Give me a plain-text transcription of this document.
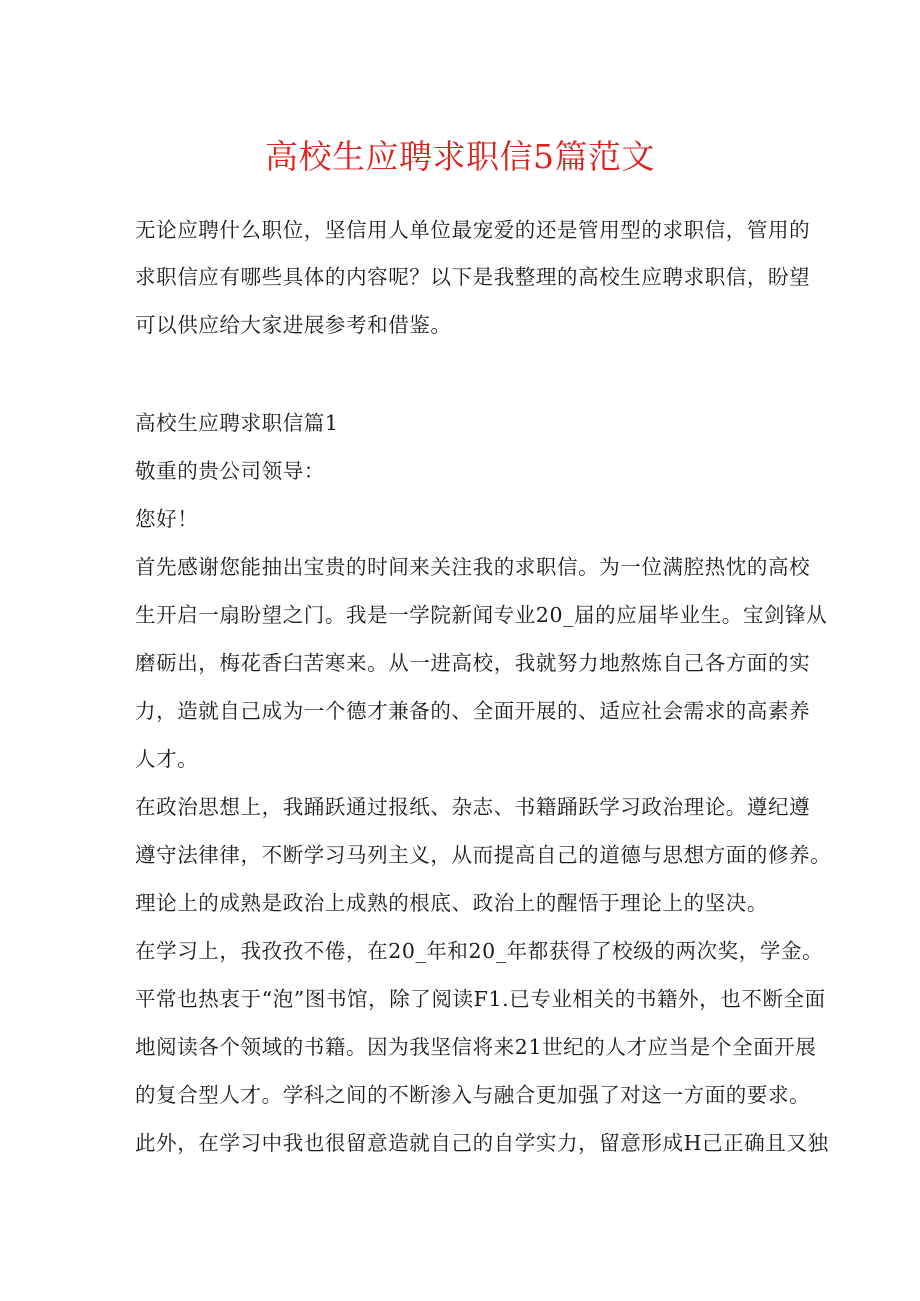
高校生应聘求职信5篇范文
无论应聘什么职位，坚信用人单位最宠爱的还是管用型的求职信，管用的
求职信应有哪些具体的内容呢？以下是我整理的高校生应聘求职信，盼望
可以供应给大家进展参考和借鉴。
高校生应聘求职信篇1
敬重的贵公司领导：
您好！
首先感谢您能抽出宝贵的时间来关注我的求职信。为一位满腔热忱的高校
生开启一扇盼望之门。我是一学院新闻专业20_届的应届毕业生。宝剑锋从
磨砺出，梅花香臼苦寒来。从一进高校，我就努力地熬炼自己各方面的实
力，造就自己成为一个德才兼备的、全面开展的、适应社会需求的高素养
人才。
在政治思想上，我踊跃通过报纸、杂志、书籍踊跃学习政治理论。遵纪遵
遵守法律律，不断学习马列主义，从而提高自己的道德与思想方面的修养。
理论上的成熟是政治上成熟的根底、政治上的醒悟于理论上的坚决。
在学习上，我孜孜不倦，在20_年和20_年都获得了校级的两次奖，学金。
平常也热衷于“泡”图书馆，除了阅读F1.已专业相关的书籍外，也不断全面
地阅读各个领域的书籍。因为我坚信将来21世纪的人才应当是个全面开展
的复合型人才。学科之间的不断渗入与融合更加强了对这一方面的要求。
此外，在学习中我也很留意造就自己的自学实力，留意形成H己正确且又独
